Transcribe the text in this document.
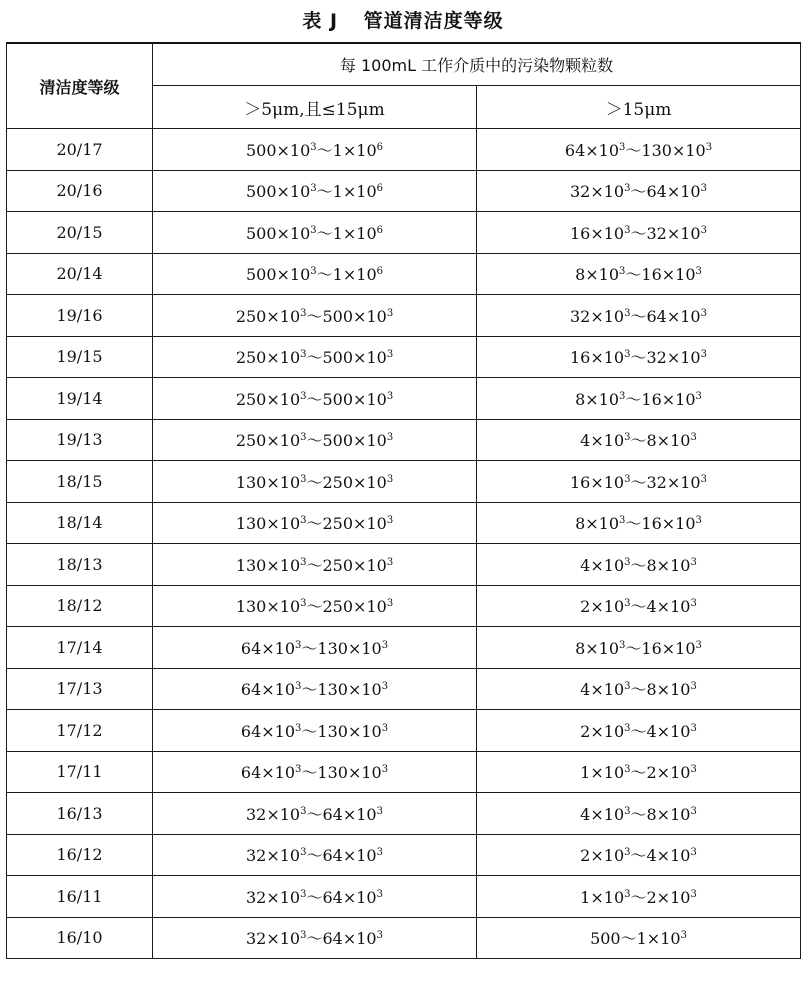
表 J 管道清洁度等级
清洁度等级	每 100mL 工作介质中的污染物颗粒数	
	＞5μm,且≤15μm	＞15μm
20/17	$500\times 10^3\sim 1\times 10^6$	$64\times 10^3\sim 130\times 10^3$
20/16	$500\times 10^3\sim 1\times 10^6$	$32\times 10^3\sim 64\times 10^3$
20/15	$500\times 10^3\sim 1\times 10^6$	$16\times 10^3\sim 32\times 10^3$
20/14	$500\times 10^3\sim 1\times 10^6$	$8\times 10^3\sim 16\times 10^3$
19/16	$250\times 10^3\sim 500\times 10^3$	$32\times 10^3\sim 64\times 10^3$
19/15	$250\times 10^3\sim 500\times 10^3$	$16\times 10^3\sim 32\times 10^3$
19/14	$250\times 10^3\sim 500\times 10^3$	$8\times 10^3\sim 16\times 10^3$
19/13	$250\times 10^3\sim 500\times 10^3$	$4\times 10^3\sim 8\times 10^3$
18/15	$130\times 10^3\sim 250\times 10^3$	$16\times 10^3\sim 32\times 10^3$
18/14	$130\times 10^3\sim 250\times 10^3$	$8\times 10^3\sim 16\times 10^3$
18/13	$130\times 10^3\sim 250\times 10^3$	$4\times 10^3\sim 8\times 10^3$
18/12	$130\times 10^3\sim 250\times 10^3$	$2\times 10^3\sim 4\times 10^3$
17/14	$64\times 10^3\sim 130\times 10^3$	$8\times 10^3\sim 16\times 10^3$
17/13	$64\times 10^3\sim 130\times 10^3$	$4\times 10^3\sim 8\times 10^3$
17/12	$64\times 10^3\sim 130\times 10^3$	$2\times 10^3\sim 4\times 10^3$
17/11	$64\times 10^3\sim 130\times 10^3$	$1\times 10^3\sim 2\times 10^3$
16/13	$32\times 10^3\sim 64\times 10^3$	$4\times 10^3\sim 8\times 10^3$
16/12	$32\times 10^3\sim 64\times 10^3$	$2\times 10^3\sim 4\times 10^3$
16/11	$32\times 10^3\sim 64\times 10^3$	$1\times 10^3\sim 2\times 10^3$
16/10	$32\times 10^3\sim 64\times 10^3$	$500\sim 1\times 10^3$
